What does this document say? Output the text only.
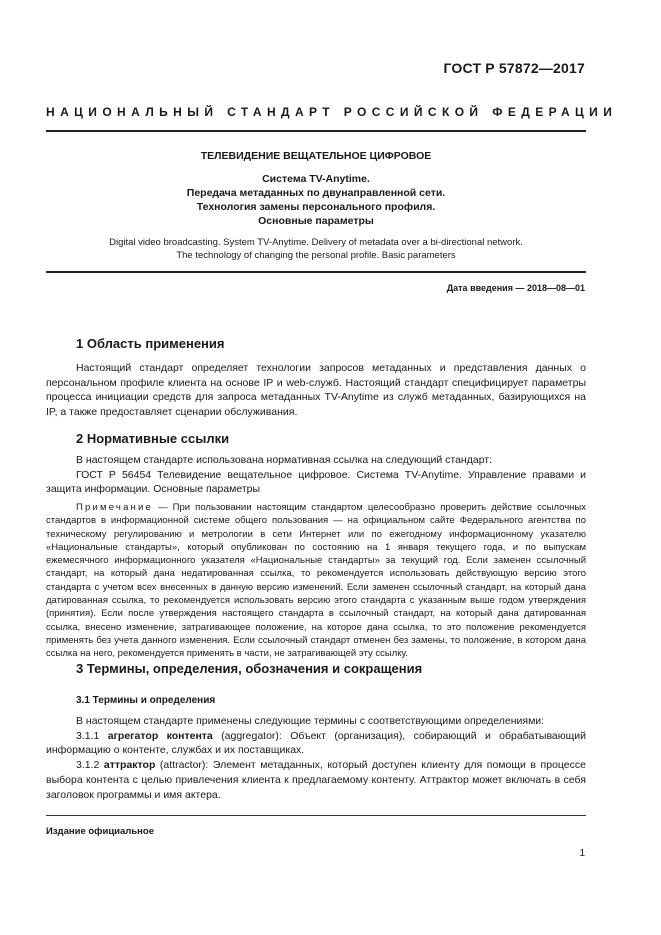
ГОСТ Р 57872—2017
НАЦИОНАЛЬНЫЙ СТАНДАРТ РОССИЙСКОЙ ФЕДЕРАЦИИ
ТЕЛЕВИДЕНИЕ ВЕЩАТЕЛЬНОЕ ЦИФРОВОЕ
Система TV-Anytime.
Передача метаданных по двунаправленной сети.
Технология замены персонального профиля.
Основные параметры
Digital video broadcasting. System TV-Anytime. Delivery of metadata over a bi-directional network.
The technology of changing the personal profile. Basic parameters
Дата введения — 2018—08—01
1 Область применения

Настоящий стандарт определяет технологии запросов метаданных и представления данных о персональном профиле клиента на основе IP и web-служб. Настоящий стандарт специфицирует параметры процесса инициации средств для запроса метаданных TV-Anytime из служб метаданных, базирующихся на IP, а также предоставляет сценарии обслуживания.

2 Нормативные ссылки

В настоящем стандарте использована нормативная ссылка на следующий стандарт:

ГОСТ Р 56454 Телевидение вещательное цифровое. Система TV-Anytime. Управление правами и защита информации. Основные параметры

Примечание — При пользовании настоящим стандартом целесообразно проверить действие ссылочных стандартов в информационной системе общего пользования — на официальном сайте Федерального агентства по техническому регулированию и метрологии в сети Интернет или по ежегодному информационному указателю «Национальные стандарты», который опубликован по состоянию на 1 января текущего года, и по выпускам ежемесячного информационного указателя «Национальные стандарты» за текущий год. Если заменен ссылочный стандарт, на который дана недатированная ссылка, то рекомендуется использовать действующую версию этого стандарта с учетом всех внесенных в данную версию изменений. Если заменен ссылочный стандарт, на который дана датированная ссылка, то рекомендуется использовать версию этого стандарта с указанным выше годом утверждения (принятия). Если после утверждения настоящего стандарта в ссылочный стандарт, на который дана датированная ссылка, внесено изменение, затрагивающее положение, на которое дана ссылка, то это положение рекомендуется применять без учета данного изменения. Если ссылочный стандарт отменен без замены, то положение, в котором дана ссылка на него, рекомендуется применять в части, не затрагивающей эту ссылку.

3 Термины, определения, обозначения и сокращения
3.1 Термины и определения

В настоящем стандарте применены следующие термины с соответствующими определениями:

3.1.1 агрегатор контента (aggregator): Объект (организация), собирающий и обрабатывающий информацию о контенте, службах и их поставщиках.

3.1.2 аттрактор (attractor): Элемент метаданных, который доступен клиенту для помощи в процессе выбора контента с целью привлечения клиента к предлагаемому контенту. Аттрактор может включать в себя заголовок программы и имя актера.

Издание официальное
1
